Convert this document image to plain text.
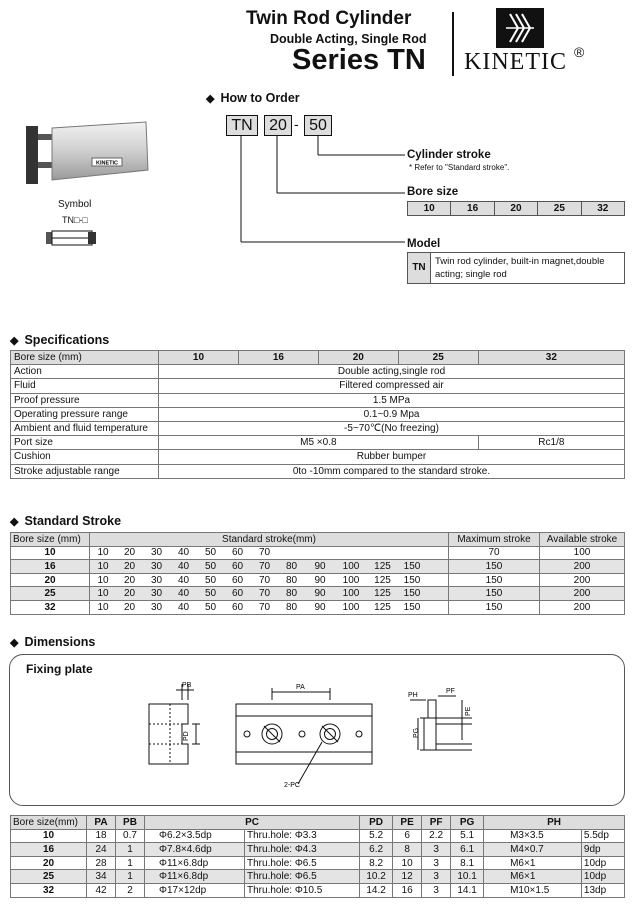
Twin Rod Cylinder
Double Acting, Single Rod
Series TN KINETIC ®
KINETIC
Symbol
TN□-□
◆ How to Order
TN	20 - 50
Cylinder stroke
* Refer to "Standard stroke".
Bore size
10	16	20	25	32
Model
TN
Twin rod cylinder, built-in magnet,double acting; single rod
◆ Specifications
Bore size (mm)	10	16	20	25	32
Action	Double acting,single rod				
Fluid	Filtered compressed air				
Proof pressure	1.5 MPa				
Operating pressure range	0.1~0.9 Mpa				
Ambient and fluid temperature	-5~70℃(No freezing)				
Port size	M5 ×0.8				Rc1/8
Cushion	Rubber bumper				
Stroke adjustable range	0to -10mm compared to the standard stroke.				
◆ Standard Stroke
Bore size (mm)	Standard stroke(mm)	Maximum stroke	Available stroke
10	10 20 30 40 50 60 70	70	100
16	10 20 30 40 50 60 70 80 90 100 125 150	150	200
20	10 20 30 40 50 60 70 80 90 100 125 150	150	200
25	10 20 30 40 50 60 70 80 90 100 125 150	150	200
32	10 20 30 40 50 60 70 80 90 100 125 150	150	200
◆ Dimensions
Fixing plate
PB
PD
PA
2-PC
PH
PF
PE
PG
Bore size(mm)	PA	PB	PC		PD	PE	PF	PG	PH	
10	18	0.7	Φ6.2×3.5dp	Thru.hole: Φ3.3	5.2	6	2.2	5.1	M3×3.5	5.5dp
16	24	1	Φ7.8×4.6dp	Thru.hole: Φ4.3	6.2	8	3	6.1	M4×0.7	9dp
20	28	1	Φ11×6.8dp	Thru.hole: Φ6.5	8.2	10	3	8.1	M6×1	10dp
25	34	1	Φ11×6.8dp	Thru.hole: Φ6.5	10.2	12	3	10.1	M6×1	10dp
32	42	2	Φ17×12dp	Thru.hole: Φ10.5	14.2	16	3	14.1	M10×1.5	13dp
